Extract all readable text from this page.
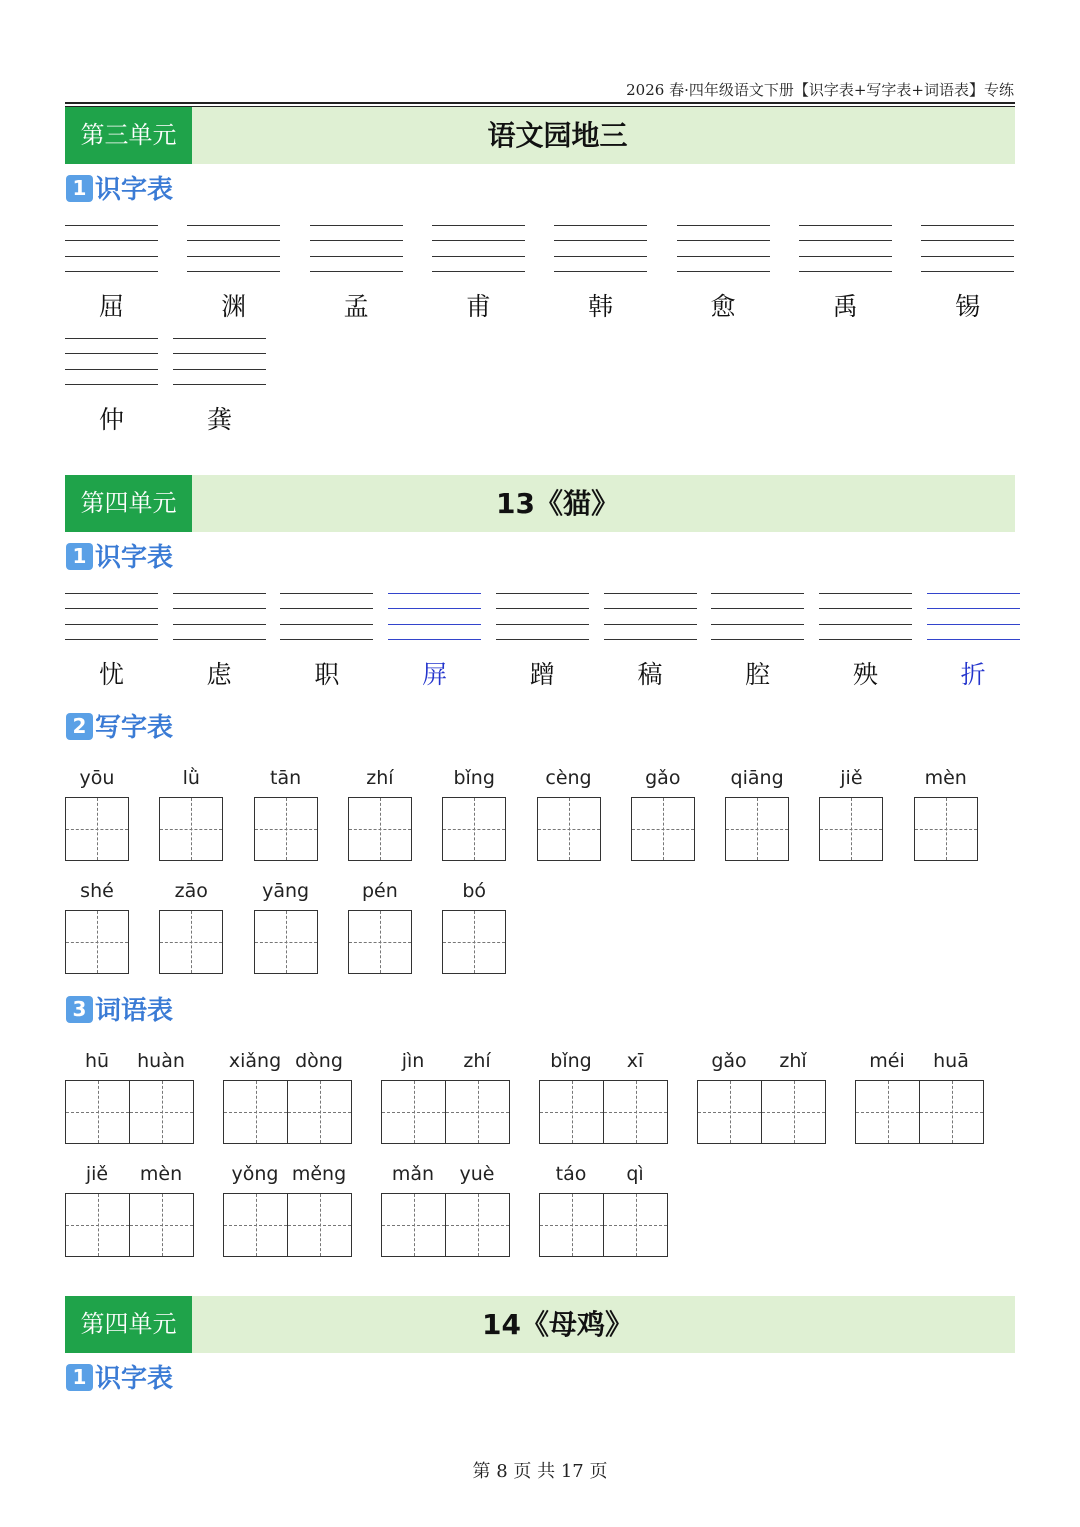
2026 春·四年级语文下册【识字表+写字表+词语表】专练
第三单元	语文园地三
1 识字表
第四单元	13《猫》
1 识字表
2 写字表
3 词语表
第四单元	14《母鸡》
1 识字表
第 8 页 共 17 页
屈	渊	孟	甫	韩	愈	禹	锡
仲	龚
忧	虑	职	屏	蹭	稿	腔	殃	折
yōu	lǜ	tān	zhí	bǐng	cèng	gǎo	qiāng	jiě	mèn
shé	zāo	yāng	pén	bó
hū	huàn	xiǎng dòng	jìn	zhí	bǐng	xī	gǎo	zhǐ	méi	huā
jiě	mèn	yǒng měng	mǎn	yuè	táo	qì
